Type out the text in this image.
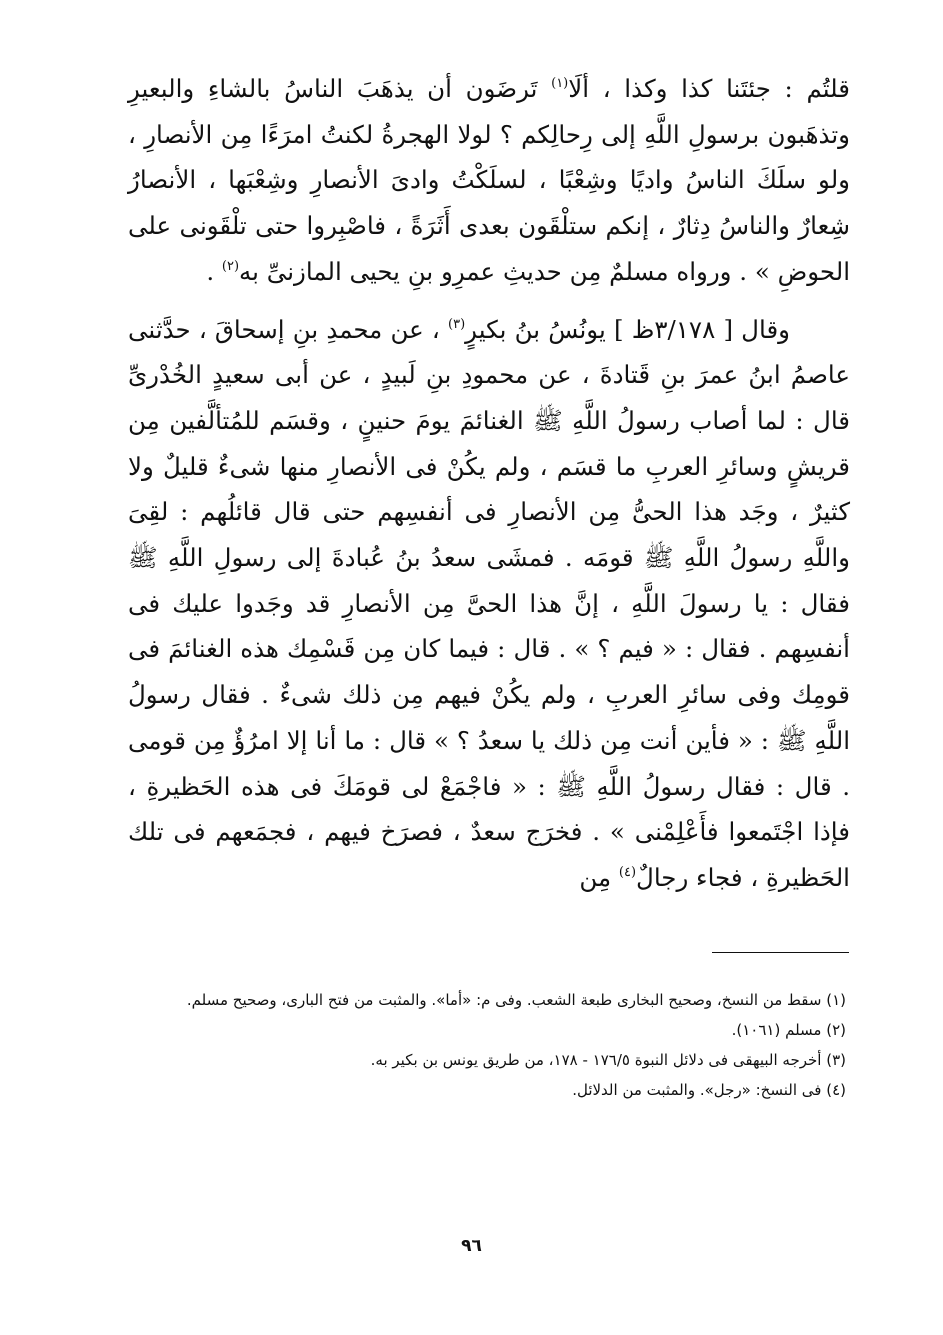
قلتُم : جئتَنا كذا وكذا ، ألَا$^{(١)}$ تَرضَون أن يذهَبَ الناسُ بالشاءِ والبعيرِ وتذهَبون برسولِ اللَّهِ إلى رِحالِكم ؟ لولا الهجرةُ لكنتُ امرَءًا مِن الأنصارِ ، ولو سلَكَ الناسُ واديًا وشِعْبًا ، لسلَكْتُ وادىَ الأنصارِ وشِعْبَها ، الأنصارُ شِعارٌ والناسُ دِثارٌ ، إنكم ستلْقَون بعدى أَثَرَةً ، فاصْبِروا حتى تلْقَونى على الحوضِ » . ورواه مسلمٌ مِن حديثِ عمرِو بنِ يحيى المازنىِّ به$^{(٢)}$ .

وقال [ ٣/١٧٨ظ ] يونُسُ بنُ بكيرٍ$^{(٣)}$ ، عن محمدِ بنِ إسحاقَ ، حدَّثنى عاصمُ ابنُ عمرَ بنِ قَتادةَ ، عن محمودِ بنِ لَبيدٍ ، عن أبى سعيدٍ الخُدْرىِّ قال : لما أصاب رسولُ اللَّهِ ﷺ الغنائمَ يومَ حنينٍ ، وقسَم للمُتألَّفين مِن قريشٍ وسائرِ العربِ ما قسَم ، ولم يكُنْ فى الأنصارِ منها شىءٌ قليلٌ ولا كثيرٌ ، وجَد هذا الحىُّ مِن الأنصارِ فى أنفسِهم حتى قال قائلُهم : لقِىَ واللَّهِ رسولُ اللَّهِ ﷺ قومَه . فمشَى سعدُ بنُ عُبادةَ إلى رسولِ اللَّهِ ﷺ فقال : يا رسولَ اللَّهِ ، إنَّ هذا الحىَّ مِن الأنصارِ قد وجَدوا عليك فى أنفسِهم . فقال : « فيم ؟ » . قال : فيما كان مِن قَسْمِك هذه الغنائمَ فى قومِك وفى سائرِ العربِ ، ولم يكُنْ فيهم مِن ذلك شىءٌ . فقال رسولُ اللَّهِ ﷺ : « فأين أنت مِن ذلك يا سعدُ ؟ » قال : ما أنا إلا امرُؤٌ مِن قومى . قال : فقال رسولُ اللَّهِ ﷺ : « فاجْمَعْ لى قومَكَ فى هذه الحَظيرةِ ، فإذا اجْتَمعوا فأَعْلِمْنى » . فخرَج سعدٌ ، فصرَخ فيهم ، فجمَعهم فى تلك الحَظيرةِ ، فجاء رجالٌ$^{(٤)}$ مِن

(١) سقط من النسخ، وصحيح البخارى طبعة الشعب. وفى م: «أما». والمثبت من فتح البارى، وصحيح مسلم.

(٢) مسلم (١٠٦١).

(٣) أخرجه البيهقى فى دلائل النبوة ١٧٦/٥ - ١٧٨، من طريق يونس بن بكير به.

(٤) فى النسخ: «رجل». والمثبت من الدلائل.

٩٦
